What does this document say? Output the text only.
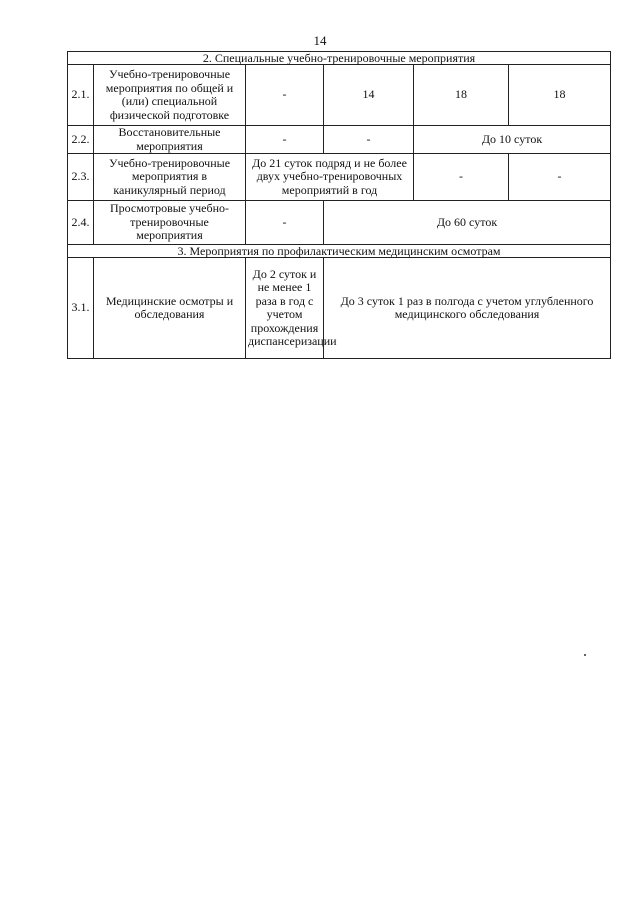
14
2. Специальные учебно-тренировочные мероприятия					
2.1.	Учебно-тренировочные мероприятия по общей и (или) специальной физической подготовке	-	14	18	18
2.2.	Восстановительные мероприятия	-	-	До 10 суток	
2.3.	Учебно-тренировочные мероприятия в каникулярный период	До 21 суток подряд и не более двух учебно-тренировочных мероприятий в год		-	-
2.4.	Просмотровые учебно-тренировочные мероприятия	-	До 60 суток		
3. Мероприятия по профилактическим медицинским осмотрам					
3.1.	Медицинские осмотры и обследования	До 2 суток и не менее 1 раза в год с учетом прохождения диспансеризации	До 3 суток 1 раз в полгода с учетом углубленного медицинского обследования		
